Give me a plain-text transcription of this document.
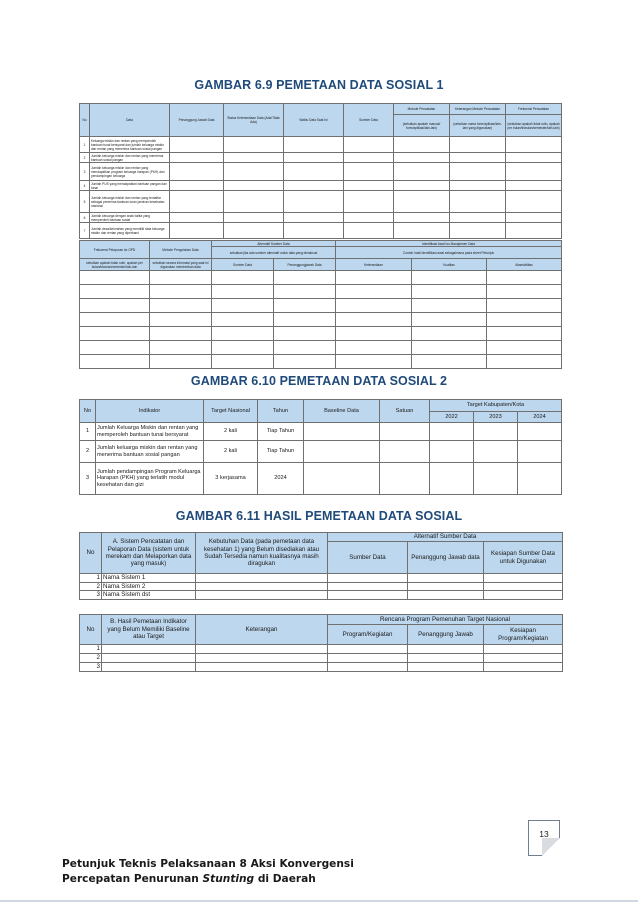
GAMBAR 6.9 PEMETAAN DATA SOSIAL 1
No	Data	Penanggung Jawab Data	Status Ketersediaan Data (Ada/Tidak Ada)	Waktu Data Saat Ini	Sumber Data	Metode Pencatatan	Keterangan Metode Pencatatan	Frekuensi Pencatatan
						(sebutkan apakah manual/ form/aplikasi/lain-lain)	(sebutkan nama form/aplikasi/lain-lain yang digunakan)	(sebutkan apakah tidak rutin, apakah per bulan/triwulan/semester/lain-lain)
1	Keluarga miskin dan rentan yang memperoleh bantuan tunai bersyarat dan jumlah keluarga miskin dan rentan yang menerima bantuan sosial pangan							
2	Jumlah keluarga miskin dan rentan yang menerima bantuan sosial pangan							
3	Jumlah keluarga miskin dan rentan yang mendapatkan program keluarga harapan (PKH) dan pendampingan keluarga							
4	Jumlah PUS yang mendapatkan bantuan pangan dan tunai							
5	Jumlah keluarga miskin dan rentan yang terdaftar sebagai penerima bantuan iuran jaminan kesehatan nasional							
6	Jumlah keluarga dengan anak balita yang memperoleh bantuan sosial							
7	Jumlah desa/kelurahan yang memiliki data keluarga miskin dan rentan yang diperbarui							
Frekuensi Pelaporan ke OPD	Metode Pengolahan Data	Alternatif Sumber Data		Identifikasi Awal Isu Manajemen Data		
		sebutkan jika ada sumber alternatif untuk data yang dimaksud		Contoh hasil identifikasi awal sebagaimana pada sheet Petunjuk		
sebutkan apakah tidak rutin, apakah per bulan/triwulan/semester/lain-lain	sebutkan secara informasi yang saat ini digunakan memberikan data	Sumber Data	Penanggungjawab Data	Ketersediaan	Kualitas	Aksesibilitas

GAMBAR 6.10 PEMETAAN DATA SOSIAL 2
No	Indikator	Target Nasional	Tahun	Baseline Data	Satuan	Target Kabupaten/Kota		
						2022	2023	2024
1	Jumlah Keluarga Miskin dan rentan yang memperoleh bantuan tunai bersyarat	2 kali	Tiap Tahun					
2	Jumlah keluarga miskin dan rentan yang menerima bantuan sosial pangan	2 kali	Tiap Tahun					
3	Jumlah pendampingan Program Keluarga Harapan (PKH) yang terlatih modul kesehatan dan gizi	3 kerjasama	2024					
GAMBAR 6.11 HASIL PEMETAAN DATA SOSIAL
No	A. Sistem Pencatatan dan Pelaporan Data (sistem untuk merekam dan Melaporkan data yang masuk)	Kebutuhan Data (pada pemetaan data kesehatan 1) yang Belum disediakan atau Sudah Tersedia namun kualitasnya masih diragukan	Alternatif Sumber Data		
			Sumber Data	Penanggung Jawab data	Kesiapan Sumber Data untuk Digunakan
1	Nama Sistem 1				
2	Nama Sistem 2				
3	Nama Sistem dst				
No	B. Hasil Pemetaan Indikator yang Belum Memiliki Baseline atau Target	Keterangan	Rencana Program Pemenuhan Target Nasional		
			Program/Kegiatan	Penanggung Jawab	Kesiapan Program/Kegiatan
1					
2					
3					
13
Petunjuk Teknis Pelaksanaan 8 Aksi Konvergensi
Percepatan Penurunan Stunting di Daerah
